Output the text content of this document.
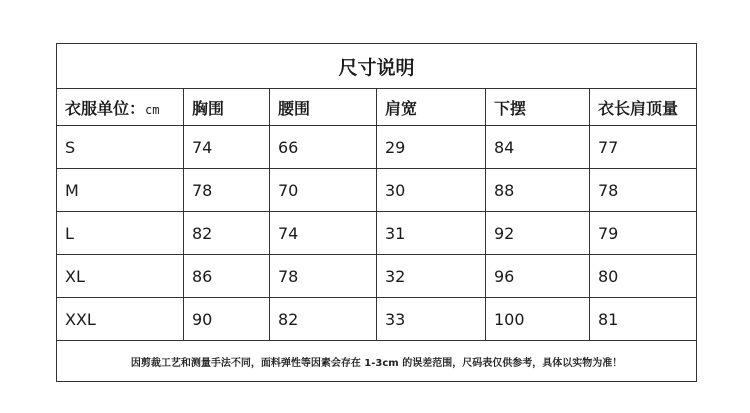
尺寸说明					
衣服单位：cm	胸围	腰围	肩宽	下摆	衣长肩顶量
S	74	66	29	84	77
M	78	70	30	88	78
L	82	74	31	92	79
XL	86	78	32	96	80
XXL	90	82	33	100	81
因剪裁工艺和测量手法不同，面料弹性等因素会存在 1-3cm 的误差范围，尺码表仅供参考，具体以实物为准！					
